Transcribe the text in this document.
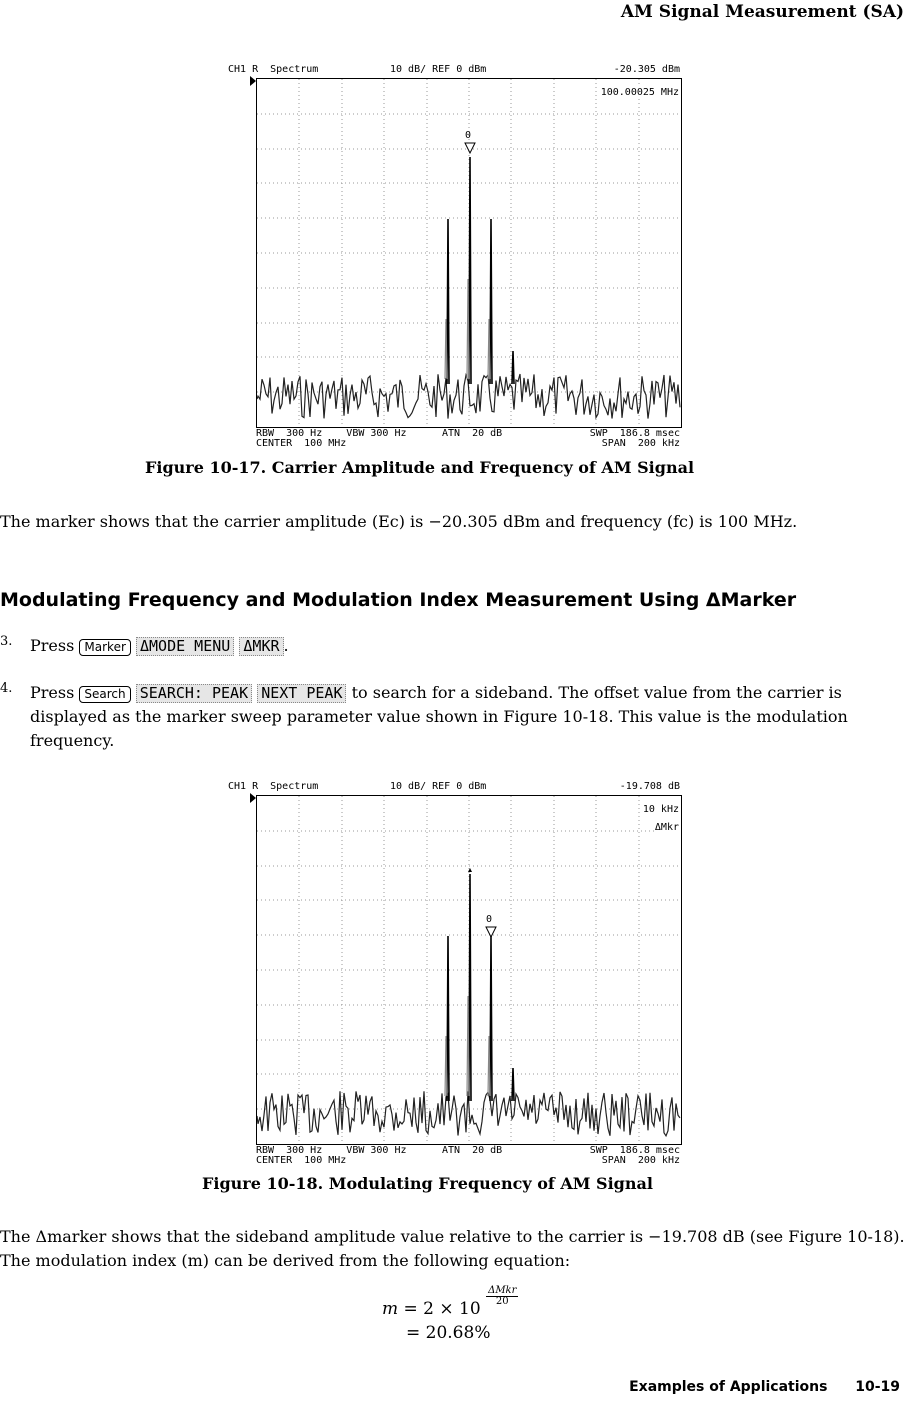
AM Signal Measurement (SA)
CH1 R  Spectrum	10 dB/ REF 0 dBm	-20.305 dBm
100.00025 MHz
0
RBW  300 Hz    VBW 300 Hz	ATN  20 dB	SWP  186.8 msec
CENTER  100 MHz	SPAN  200 kHz
Figure 10-17. Carrier Amplitude and Frequency of AM Signal

The marker shows that the carrier amplitude (Ec) is −20.305 dBm and frequency (fc) is 100 MHz.

Modulating Frequency and Modulation Index Measurement Using ΔMarker
3. Press Marker ΔMODE MENU ΔMKR .

4. Press Search SEARCH: PEAK NEXT PEAK to search for a sideband. The offset value from the carrier is displayed as the marker sweep parameter value shown in Figure 10-18. This value is the modulation frequency.

CH1 R  Spectrum	10 dB/ REF 0 dBm	-19.708 dB
10 kHz
ΔMkr
0
RBW  300 Hz    VBW 300 Hz	ATN  20 dB	SWP  186.8 msec
CENTER  100 MHz	SPAN  200 kHz
Figure 10-18. Modulating Frequency of AM Signal

The Δmarker shows that the sideband amplitude value relative to the carrier is −19.708 dB (see Figure 10-18). The modulation index (m) can be derived from the following equation:

m = 2 × 10
ΔMkr
20
= 20.68%
Examples of Applications 10-19
